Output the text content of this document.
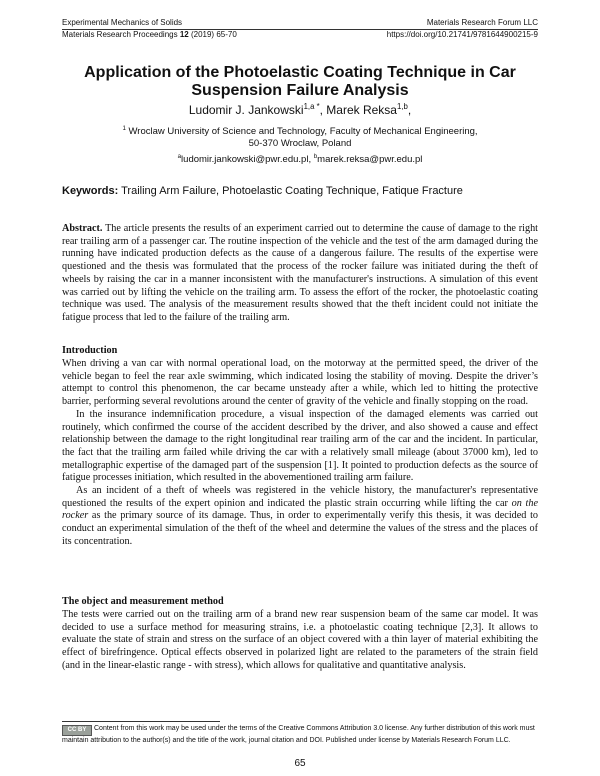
Experimental Mechanics of Solids	Materials Research Forum LLC
Materials Research Proceedings 12 (2019) 65-70	https://doi.org/10.21741/9781644900215-9
Application of the Photoelastic Coating Technique in Car
Suspension Failure Analysis
Ludomir J. Jankowski$^{1,a *}$, Marek Reksa$^{1,b}$,
$^1$ Wroclaw University of Science and Technology, Faculty of Mechanical Engineering,
50-370 Wroclaw, Poland
$^a$ludomir.jankowski@pwr.edu.pl, $^b$marek.reksa@pwr.edu.pl
Keywords: Trailing Arm Failure, Photoelastic Coating Technique, Fatique Fracture

Abstract. The article presents the results of an experiment carried out to determine the cause of damage to the right rear trailing arm of a passenger car. The routine inspection of the vehicle and the test of the arm damaged during the running have indicated production defects as the cause of a dangerous failure. The results of the expertise were questioned and the thesis was formulated that the process of the rocker failure was initiated during the theft of wheels by raising the car in a manner inconsistent with the manufacturer's instructions. A simulation of this event was carried out by lifting the vehicle on the trailing arm. To assess the effort of the rocker, the photoelastic coating technique was used. The analysis of the measurement results showed that the theft incident could not initiate the fatigue process that led to the failure of the trailing arm.

Introduction

When driving a van car with normal operational load, on the motorway at the permitted speed, the driver of the vehicle began to feel the rear axle swimming, which indicated losing the stability of moving. Despite the driver’s attempt to control this phenomenon, the car became unsteady after a while, which led to hitting the protective barrier, performing several revolutions around the center of gravity of the vehicle and finally stopping on the road.

In the insurance indemnification procedure, a visual inspection of the damaged elements was carried out routinely, which confirmed the course of the accident described by the driver, and also showed a cause and effect relationship between the damage to the right longitudinal rear trailing arm of the car and the incident. In particular, the fact that the trailing arm failed while driving the car with a relatively small mileage (about 37000 km), led to metallographic expertise of the damaged part of the suspension [1]. It pointed to production defects as the source of fatigue processes initiation, which resulted in the abovementioned trailing arm failure.

As an incident of a theft of wheels was registered in the vehicle history, the manufacturer's representative questioned the results of the expert opinion and indicated the plastic strain occurring while lifting the car on the rocker as the primary source of its damage. Thus, in order to experimentally verify this thesis, it was decided to conduct an experimental simulation of the theft of the wheel and determine the values of the stress and the places of its concentration.

The object and measurement method

The tests were carried out on the trailing arm of a brand new rear suspension beam of the same car model. It was decided to use a surface method for measuring strains, i.e. a photoelastic coating technique [2,3]. It allows to evaluate the state of strain and stress on the surface of an object covered with a thin layer of material exhibiting the effect of birefringence. Optical effects observed in polarized light are related to the parameters of the strain field (and in the linear-elastic range - with stress), which allows for qualitative and quantitative analysis.

CC BY Content from this work may be used under the terms of the Creative Commons Attribution 3.0 license. Any further distribution of this work must maintain attribution to the author(s) and the title of the work, journal citation and DOI. Published under license by Materials Research Forum LLC.
65
